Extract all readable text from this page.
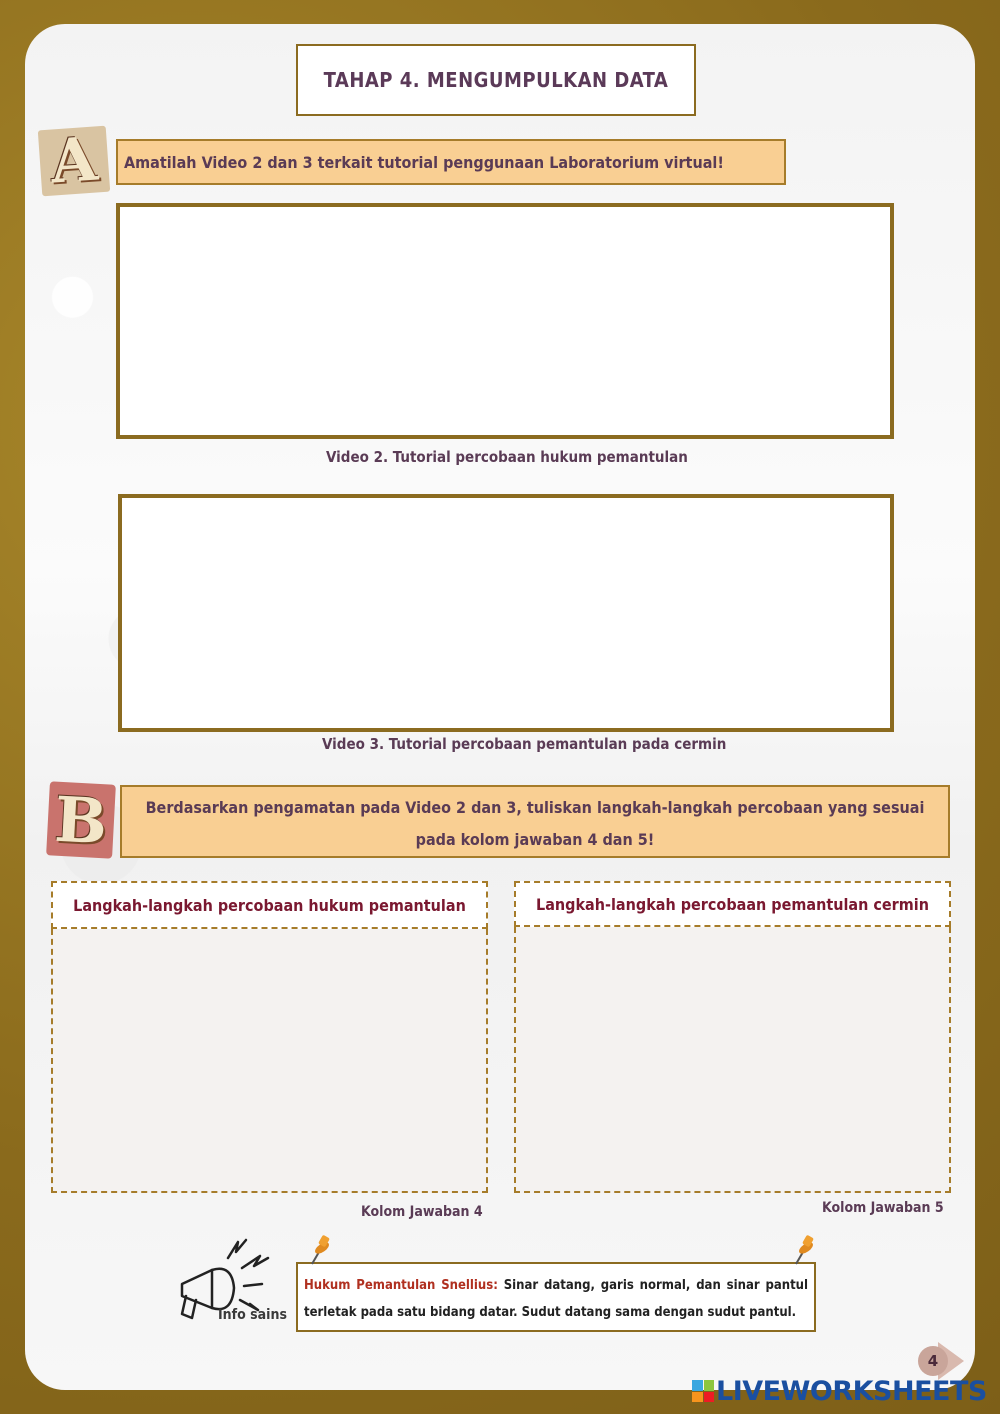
TAHAP 4. MENGUMPULKAN DATA
A	Amatilah Video 2 dan 3 terkait tutorial penggunaan Laboratorium virtual!
Video 2. Tutorial percobaan hukum pemantulan
Video 3. Tutorial percobaan pemantulan pada cermin
B	Berdasarkan pengamatan pada Video 2 dan 3, tuliskan langkah-langkah percobaan yang sesuai pada kolom jawaban 4 dan 5!
Langkah-langkah percobaan hukum pemantulan
Kolom Jawaban 4
Langkah-langkah percobaan pemantulan cermin
Kolom Jawaban 5
Info sains
Hukum Pemantulan Snellius: Sinar datang, garis normal, dan sinar pantul terletak pada satu bidang datar. Sudut datang sama dengan sudut pantul.
4
LIVEWORKSHEETS
